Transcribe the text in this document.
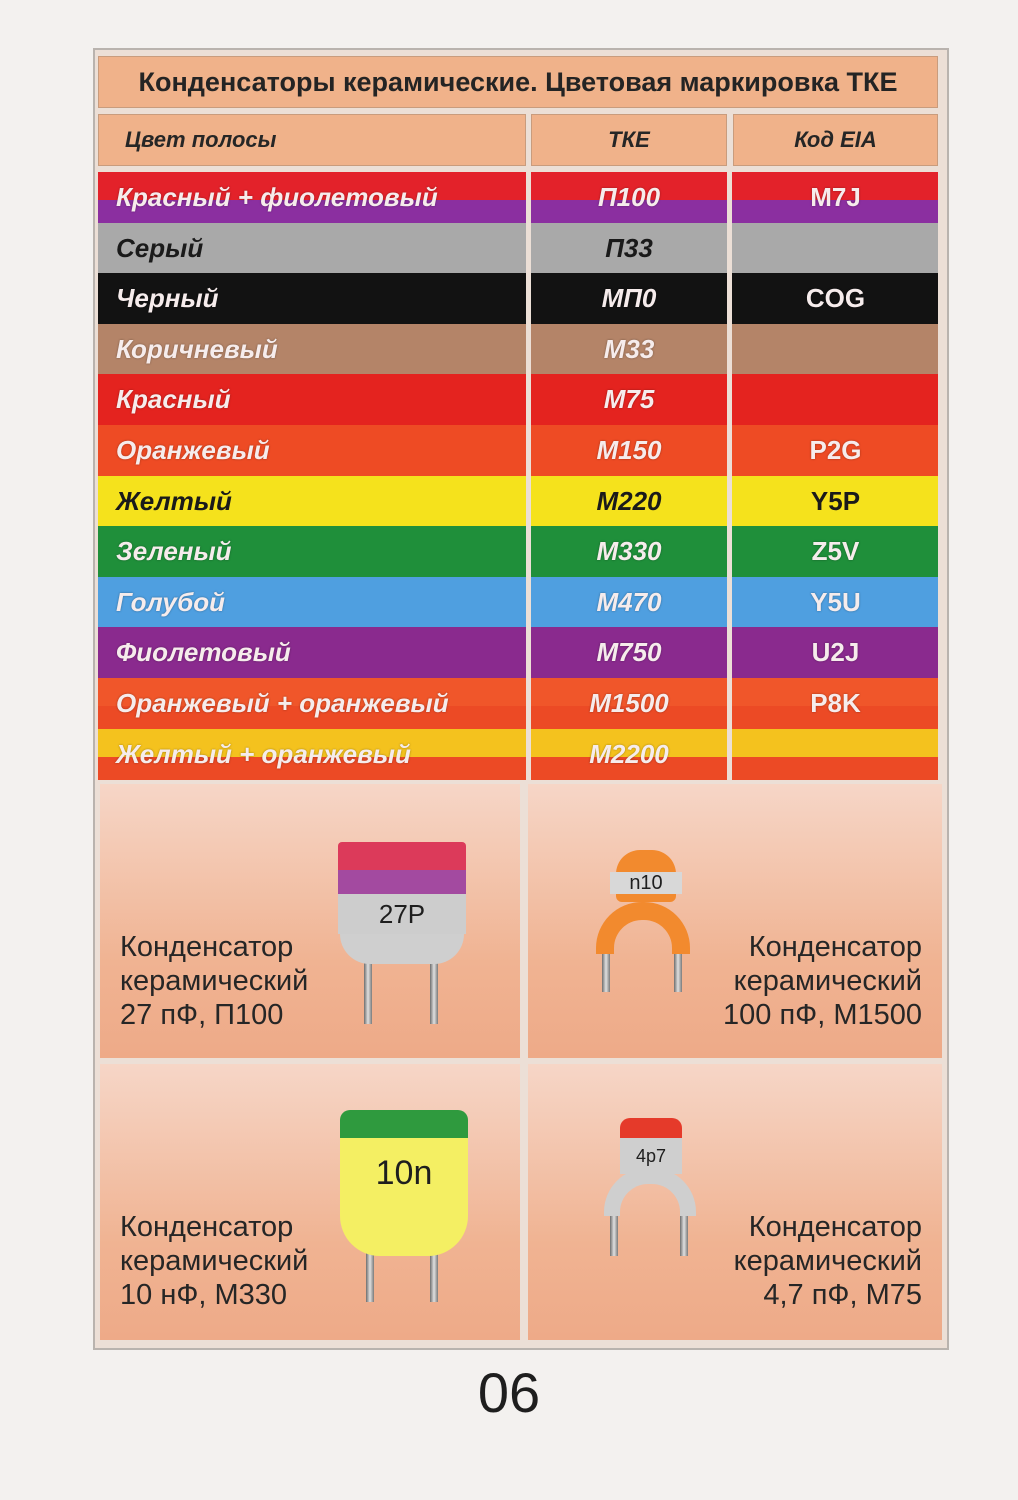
Конденсаторы керамические. Цветовая маркировка ТКЕ
Цвет полосы	ТКЕ	Код EIA
Красный + фиолетовый	П100	M7J
Серый	П33
Черный	МП0	COG
Коричневый	М33
Красный	М75
Оранжевый	М150	P2G
Желтый	М220	Y5P
Зеленый	М330	Z5V
Голубой	М470	Y5U
Фиолетовый	М750	U2J
Оранжевый + оранжевый	М1500	P8K
Желтый + оранжевый	М2200
Конденсатор
керамический
27 пФ, П100
27P
Конденсатор
керамический
100 пФ, М1500
n10
Конденсатор
керамический
10 нФ, М330
10n
Конденсатор
керамический
4,7 пФ, М75
4p7
06
